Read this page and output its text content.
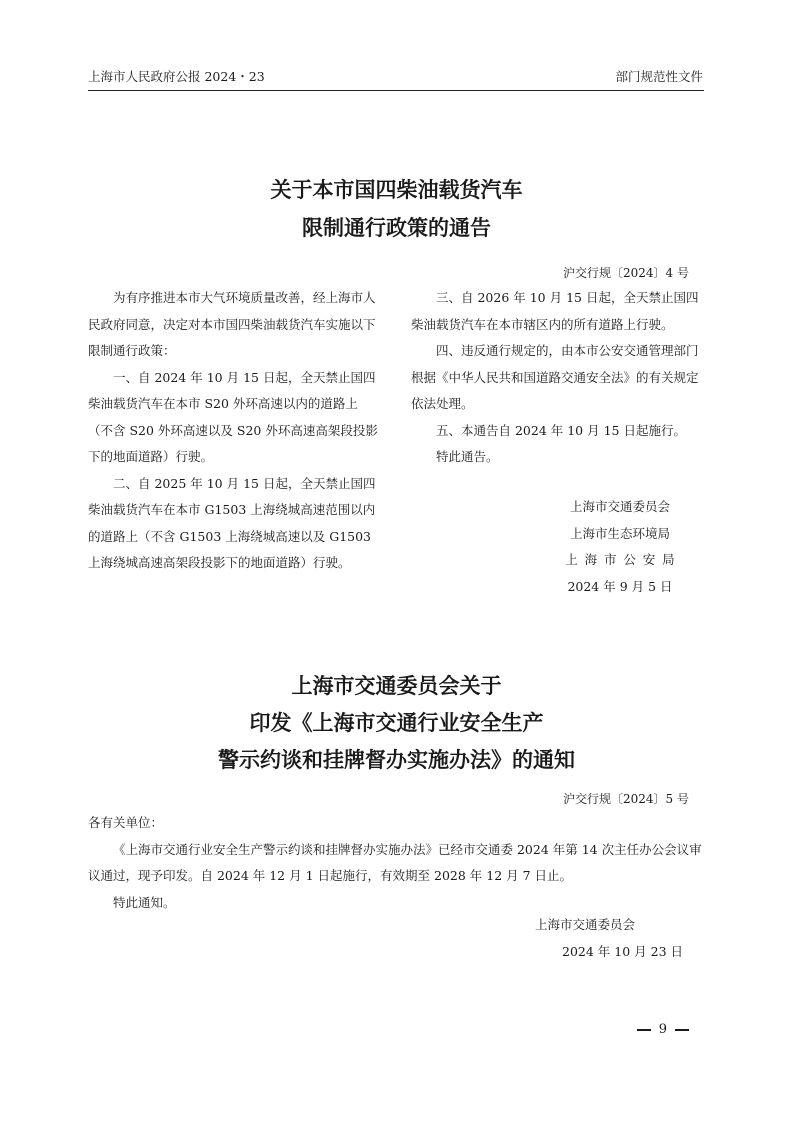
上海市人民政府公报 2024・23	部门规范性文件
关于本市国四柴油载货汽车
限制通行政策的通告
沪交行规〔2024〕4 号

为有序推进本市大气环境质量改善，经上海市人民政府同意，决定对本市国四柴油载货汽车实施以下限制通行政策：

一、自 2024 年 10 月 15 日起，全天禁止国四柴油载货汽车在本市 S20 外环高速以内的道路上（不含 S20 外环高速以及 S20 外环高速高架段投影下的地面道路）行驶。

二、自 2025 年 10 月 15 日起，全天禁止国四柴油载货汽车在本市 G1503 上海绕城高速范围以内的道路上（不含 G1503 上海绕城高速以及 G1503 上海绕城高速高架段投影下的地面道路）行驶。

三、自 2026 年 10 月 15 日起，全天禁止国四柴油载货汽车在本市辖区内的所有道路上行驶。

四、违反通行规定的，由本市公安交通管理部门根据《中华人民共和国道路交通安全法》的有关规定依法处理。

五、本通告自 2024 年 10 月 15 日起施行。

特此通告。

上海市交通委员会
上海市生态环境局
上海市公安局
2024 年 9 月 5 日
上海市交通委员会关于
印发《上海市交通行业安全生产
警示约谈和挂牌督办实施办法》的通知
沪交行规〔2024〕5 号

各有关单位：

《上海市交通行业安全生产警示约谈和挂牌督办实施办法》已经市交通委 2024 年第 14 次主任办公会议审议通过，现予印发。自 2024 年 12 月 1 日起施行，有效期至 2028 年 12 月 7 日止。

特此通知。

上海市交通委员会
2024 年 10 月 23 日
9
